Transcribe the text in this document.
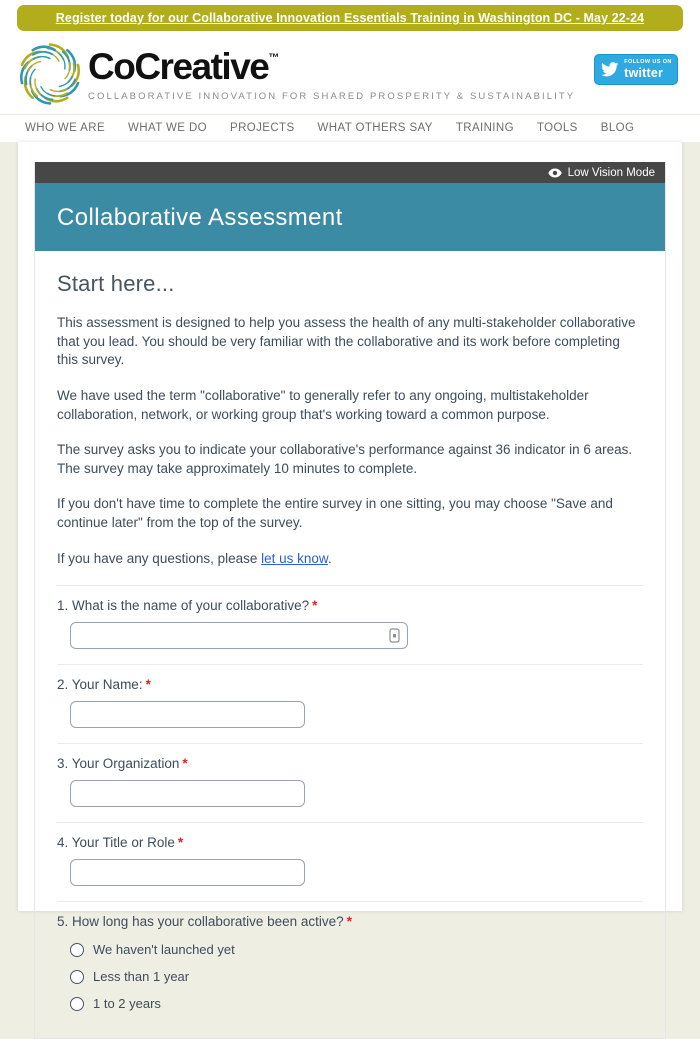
Register today for our Collaborative Innovation Essentials Training in Washington DC - May 22-24
CoCreative™
COLLABORATIVE INNOVATION FOR SHARED PROSPERITY & SUSTAINABILITY
FOLLOW US ON
twitter
WHO WE ARE WHAT WE DO PROJECTS WHAT OTHERS SAY TRAINING TOOLS BLOG
Low Vision Mode
Collaborative Assessment
Start here...

This assessment is designed to help you assess the health of any multi-stakeholder collaborative that you lead. You should be very familiar with the collaborative and its work before completing this survey.

We have used the term "collaborative" to generally refer to any ongoing, multistakeholder collaboration, network, or working group that's working toward a common purpose.

The survey asks you to indicate your collaborative's performance against 36 indicator in 6 areas. The survey may take approximately 10 minutes to complete.

If you don't have time to complete the entire survey in one sitting, you may choose "Save and continue later" from the top of the survey.

If you have any questions, please let us know.

1. What is the name of your collaborative? *
2. Your Name: *
3. Your Organization *
4. Your Title or Role *
5. How long has your collaborative been active? *
We haven't launched yet
Less than 1 year
1 to 2 years
